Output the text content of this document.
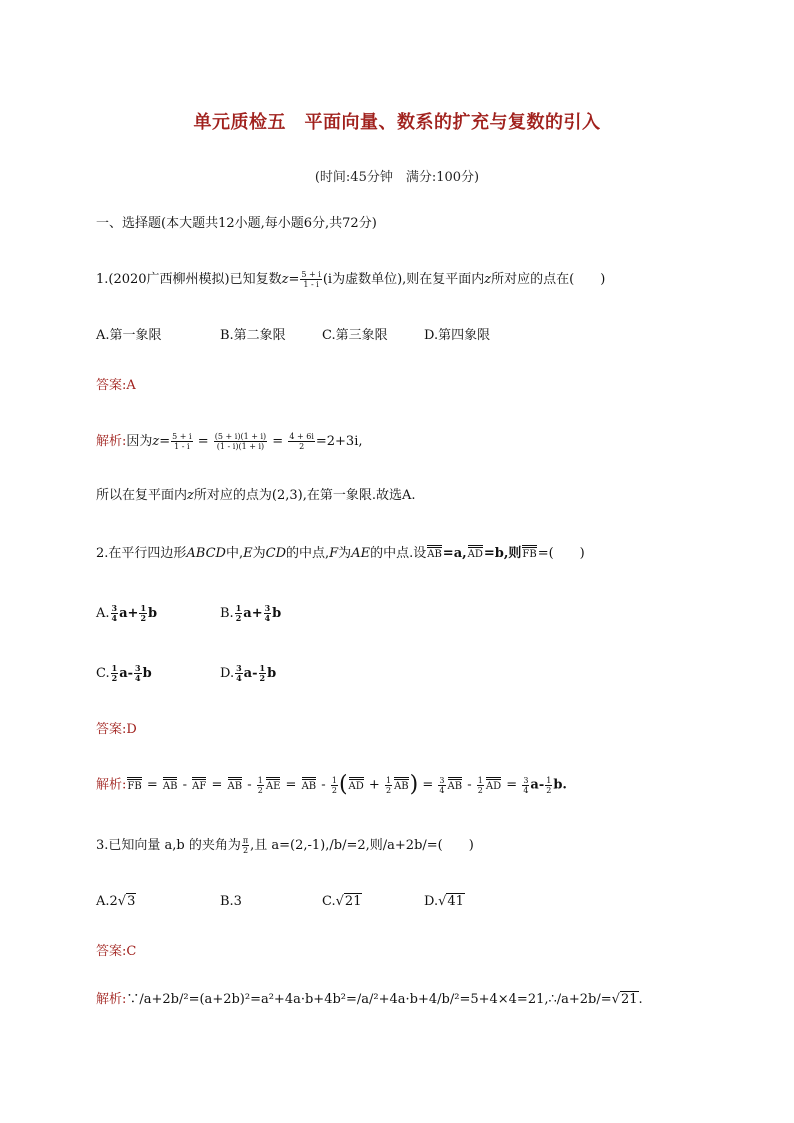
单元质检五　平面向量、数系的扩充与复数的引入
(时间:45分钟　满分:100分)
一、选择题(本大题共12小题,每小题6分,共72分)
1.(2020广西柳州模拟)已知复数$z= \frac{5 + i}{1 - i} (i$为虚数单位),则在复平面内z所对应的点在(　　)
A.第一象限	B.第二象限	C.第三象限	D.第四象限
答案:A
解析:因为$z= \frac{5 + i}{1 - i} = \frac{(5 + i)(1 + i)}{(1 - i)(1 + i)} = \frac{4 + 6i}{2} =2+3i$,
所以在复平面内z所对应的点为(2,3),在第一象限.故选A.
2.在平行四边形ABCD中,E为CD的中点,F为AE的中点.设AB=a,AD=b,则FB=(　　)
A. $\frac{3}{4} a+ \frac{1}{2}$ b	B. $\frac{1}{2} a+ \frac{3}{4}$ b
C. $\frac{1}{2} a- \frac{3}{4}$ b	D. $\frac{3}{4} a- \frac{1}{2}$ b
答案:D
解析:FB = AB - AF = AB - $\frac{1}{2}$ AE = AB - $\frac{1}{2} (AD + \frac{1}{2} AB) = \frac{3}{4}$ AB - $\frac{1}{2}$ AD = $\frac{3}{4} a- \frac{1}{2} b$.
3.已知向量 a,b 的夹角为 $\frac{\pi}{2}$ ,且 a=(2,-1),/b/=2,则/a+2b/=(　　)
A.2√3	B.3	C.√21	D.√41
答案:C
解析:∵/a+2b/²=(a+2b)²=a²+4a·b+4b²=/a/²+4a·b+4/b/²=5+4×4=21,∴/a+2b/=√21.
